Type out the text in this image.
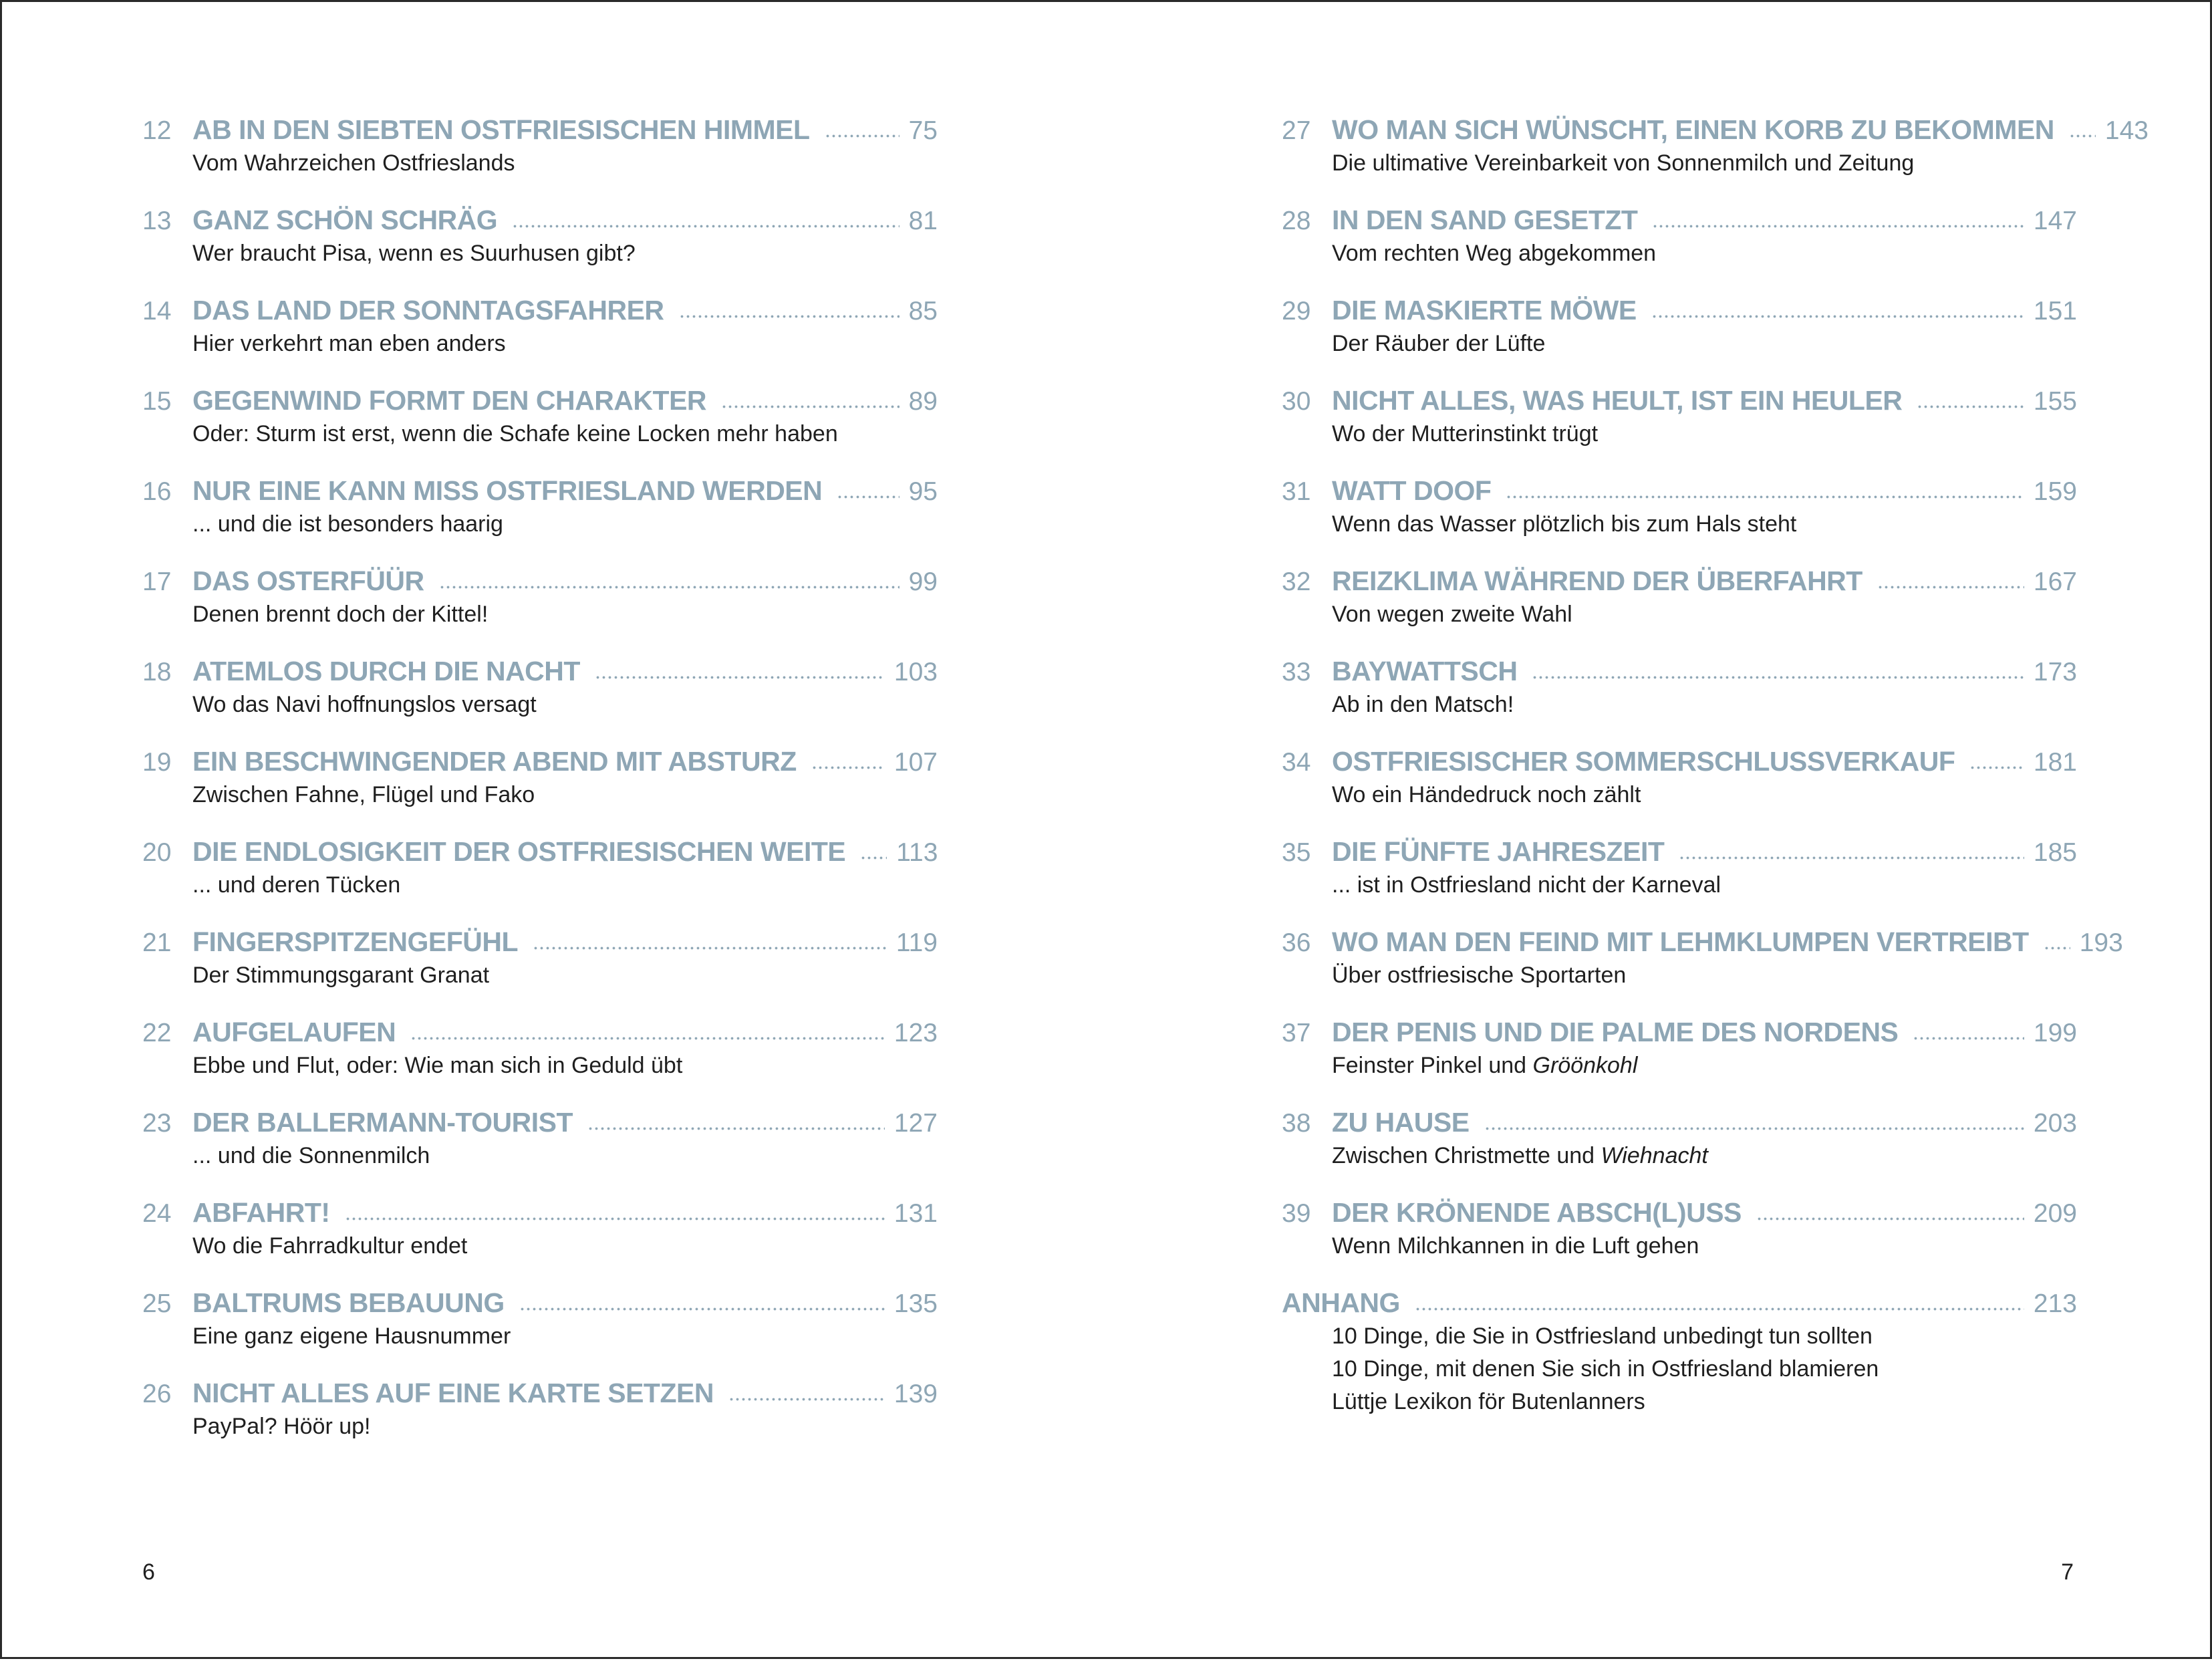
12 AB IN DEN SIEBTEN OSTFRIESISCHEN HIMMEL	75
Vom Wahrzeichen Ostfrieslands
13 GANZ SCHÖN SCHRÄG	81
Wer braucht Pisa, wenn es Suurhusen gibt?
14 DAS LAND DER SONNTAGSFAHRER	85
Hier verkehrt man eben anders
15 GEGENWIND FORMT DEN CHARAKTER	89
Oder: Sturm ist erst, wenn die Schafe keine Locken mehr haben
16 NUR EINE KANN MISS OSTFRIESLAND WERDEN	95
... und die ist besonders haarig
17 DAS OSTERFÜÜR	99
Denen brennt doch der Kittel!
18 ATEMLOS DURCH DIE NACHT	103
Wo das Navi hoffnungslos versagt
19 EIN BESCHWINGENDER ABEND MIT ABSTURZ	107
Zwischen Fahne, Flügel und Fako
20 DIE ENDLOSIGKEIT DER OSTFRIESISCHEN WEITE 113
... und deren Tücken
21 FINGERSPITZENGEFÜHL	119
Der Stimmungsgarant Granat
22 AUFGELAUFEN	123
Ebbe und Flut, oder: Wie man sich in Geduld übt
23 DER BALLERMANN-TOURIST	127
... und die Sonnenmilch
24 ABFAHRT!	131
Wo die Fahrradkultur endet
25 BALTRUMS BEBAUUNG	135
Eine ganz eigene Hausnummer
26 NICHT ALLES AUF EINE KARTE SETZEN	139
PayPal? Höör up!
6
27 WO MAN SICH WÜNSCHT, EINEN KORB ZU BEKOMMEN 143
Die ultimative Vereinbarkeit von Sonnenmilch und Zeitung
28 IN DEN SAND GESETZT	147
Vom rechten Weg abgekommen
29 DIE MASKIERTE MÖWE	151
Der Räuber der Lüfte
30 NICHT ALLES, WAS HEULT, IST EIN HEULER	155
Wo der Mutterinstinkt trügt
31 WATT DOOF	159
Wenn das Wasser plötzlich bis zum Hals steht
32 REIZKLIMA WÄHREND DER ÜBERFAHRT	167
Von wegen zweite Wahl
33 BAYWATTSCH	173
Ab in den Matsch!
34 OSTFRIESISCHER SOMMERSCHLUSSVERKAUF	181
Wo ein Händedruck noch zählt
35 DIE FÜNFTE JAHRESZEIT	185
... ist in Ostfriesland nicht der Karneval
36 WO MAN DEN FEIND MIT LEHMKLUMPEN VERTREIBT 193
Über ostfriesische Sportarten
37 DER PENIS UND DIE PALME DES NORDENS	199
Feinster Pinkel und Gröönkohl
38 ZU HAUSE	203
Zwischen Christmette und Wiehnacht
39 DER KRÖNENDE ABSCH(L)USS	209
Wenn Milchkannen in die Luft gehen
ANHANG	213
10 Dinge, die Sie in Ostfriesland unbedingt tun sollten
10 Dinge, mit denen Sie sich in Ostfriesland blamieren
Lüttje Lexikon för Butenlanners
7
